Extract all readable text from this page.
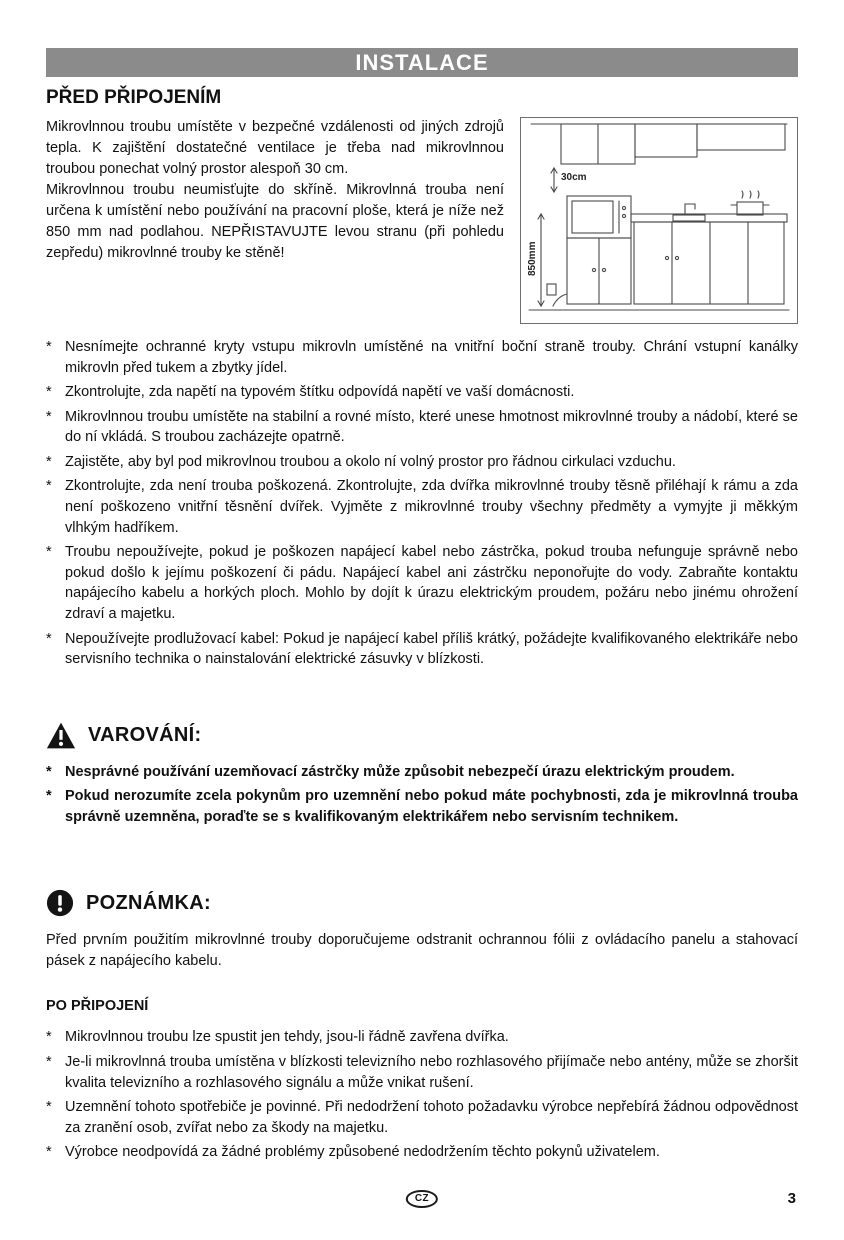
INSTALACE
PŘED PŘIPOJENÍM

Mikrovlnnou troubu umístěte v bezpečné vzdálenosti od jiných zdrojů tepla. K zajištění dostatečné ventilace je třeba nad mikrovlnnou troubou ponechat volný prostor alespoň 30 cm.

Mikrovlnnou troubu neumisťujte do skříně. Mikrovlnná trouba není určena k umístění nebo používání na pracovní ploše, která je níže než 850 mm nad podlahou. NEPŘISTAVUJTE levou stranu (při pohledu zepředu) mikrovlnné trouby ke stěně!

30cm
850mm
* Nesnímejte ochranné kryty vstupu mikrovln umístěné na vnitřní boční straně trouby. Chrání vstupní kanálky mikrovln před tukem a zbytky jídel.
* Zkontrolujte, zda napětí na typovém štítku odpovídá napětí ve vaší domácnosti.
* Mikrovlnnou troubu umístěte na stabilní a rovné místo, které unese hmotnost mikrovlnné trouby a nádobí, které se do ní vkládá. S troubou zacházejte opatrně.
* Zajistěte, aby byl pod mikrovlnou troubou a okolo ní volný prostor pro řádnou cirkulaci vzduchu.
* Zkontrolujte, zda není trouba poškozená. Zkontrolujte, zda dvířka mikrovlnné trouby těsně přiléhají k rámu a zda není poškozeno vnitřní těsnění dvířek. Vyjměte z mikrovlnné trouby všechny předměty a vymyjte ji měkkým vlhkým hadříkem.
* Troubu nepoužívejte, pokud je poškozen napájecí kabel nebo zástrčka, pokud trouba nefunguje správně nebo pokud došlo k jejímu poškození či pádu. Napájecí kabel ani zástrčku neponořujte do vody. Zabraňte kontaktu napájecího kabelu a horkých ploch. Mohlo by dojít k úrazu elektrickým proudem, požáru nebo jinému ohrožení zdraví a majetku.
* Nepoužívejte prodlužovací kabel: Pokud je napájecí kabel příliš krátký, požádejte kvalifikovaného elektrikáře nebo servisního technika o nainstalování elektrické zásuvky v blízkosti.
VAROVÁNÍ:
* Nesprávné používání uzemňovací zástrčky může způsobit nebezpečí úrazu elektrickým proudem.
* Pokud nerozumíte zcela pokynům pro uzemnění nebo pokud máte pochybnosti, zda je mikrovlnná trouba správně uzemněna, poraďte se s kvalifikovaným elektrikářem nebo servisním technikem.
POZNÁMKA:

Před prvním použitím mikrovlnné trouby doporučujeme odstranit ochrannou fólii z ovládacího panelu a stahovací pásek z napájecího kabelu.

PO PŘIPOJENÍ
* Mikrovlnnou troubu lze spustit jen tehdy, jsou-li řádně zavřena dvířka.
* Je-li mikrovlnná trouba umístěna v blízkosti televizního nebo rozhlasového přijímače nebo antény, může se zhoršit kvalita televizního a rozhlasového signálu a může vnikat rušení.
* Uzemnění tohoto spotřebiče je povinné. Při nedodržení tohoto požadavku výrobce nepřebírá žádnou odpovědnost za zranění osob, zvířat nebo za škody na majetku.
* Výrobce neodpovídá za žádné problémy způsobené nedodržením těchto pokynů uživatelem.
CZ	3
